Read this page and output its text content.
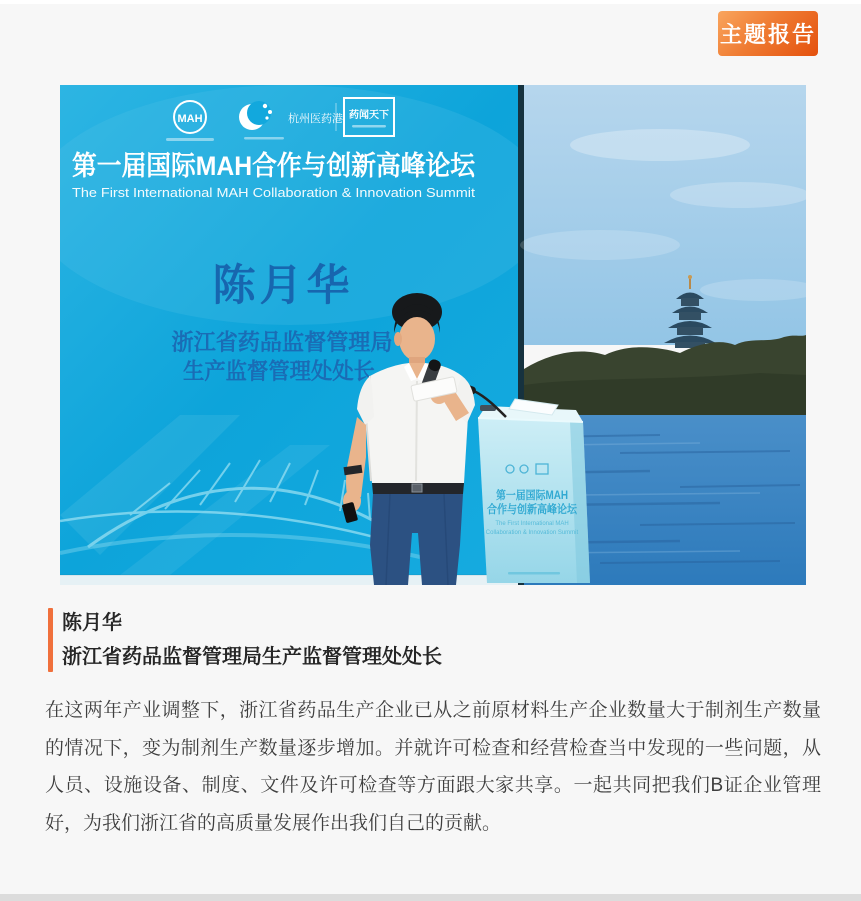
主题报告
MAH	杭州医药港 药闻天下
第一届国际MAH合作与创新高峰论坛
The First International MAH Collaboration & Innovation Summit
陈月华
浙江省药品监督管理局
生产监督管理处处长
第一届国际MAH
合作与创新高峰论坛
The First International MAH
Collaboration & Innovation Summit
陈月华
浙江省药品监督管理局生产监督管理处处长

在这两年产业调整下，浙江省药品生产企业已从之前原材料生产企业数量大于制剂生产数量的情况下，变为制剂生产数量逐步增加。并就许可检查和经营检查当中发现的一些问题，从人员、设施设备、制度、文件及许可检查等方面跟大家共享。一起共同把我们B证企业管理好，为我们浙江省的高质量发展作出我们自己的贡献。
